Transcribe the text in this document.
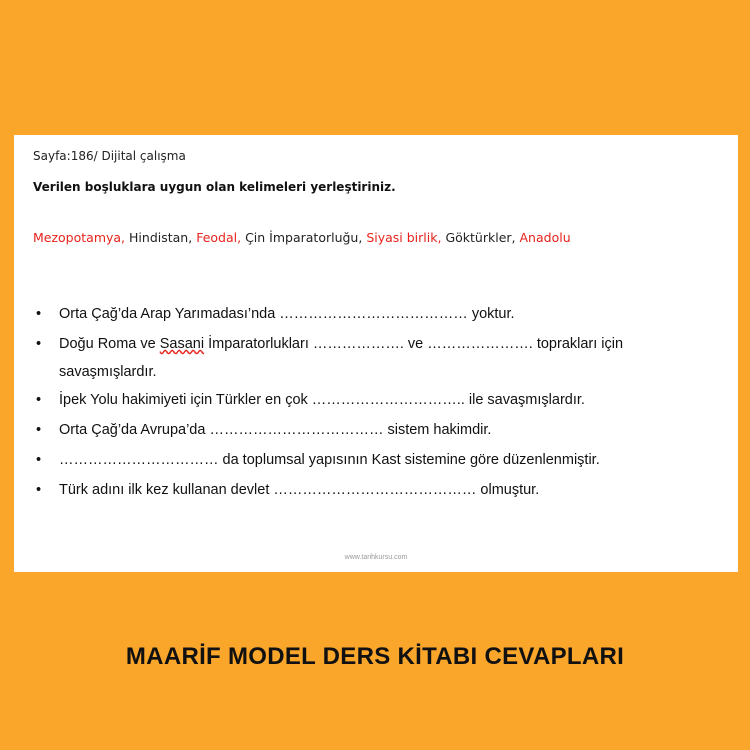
Sayfa:186/ Dijital çalışma
Verilen boşluklara uygun olan kelimeleri yerleştiriniz.
Mezopotamya, Hindistan, Feodal, Çin İmparatorluğu, Siyasi birlik, Göktürkler, Anadolu
• Orta Çağ’da Arap Yarımadası’nda ………………………………… yoktur.
• Doğu Roma ve Sasani İmparatorlukları ………………. ve …………………. toprakları için
savaşmışlardır.
• İpek Yolu hakimiyeti için Türkler en çok ………………………….. ile savaşmışlardır.
• Orta Çağ’da Avrupa’da ……………………………… sistem hakimdir.
• …………………………… da toplumsal yapısının Kast sistemine göre düzenlenmiştir.
• Türk adını ilk kez kullanan devlet …………………………………… olmuştur.
www.tarihkursu.com
MAARİF MODEL DERS KİTABI CEVAPLARI
